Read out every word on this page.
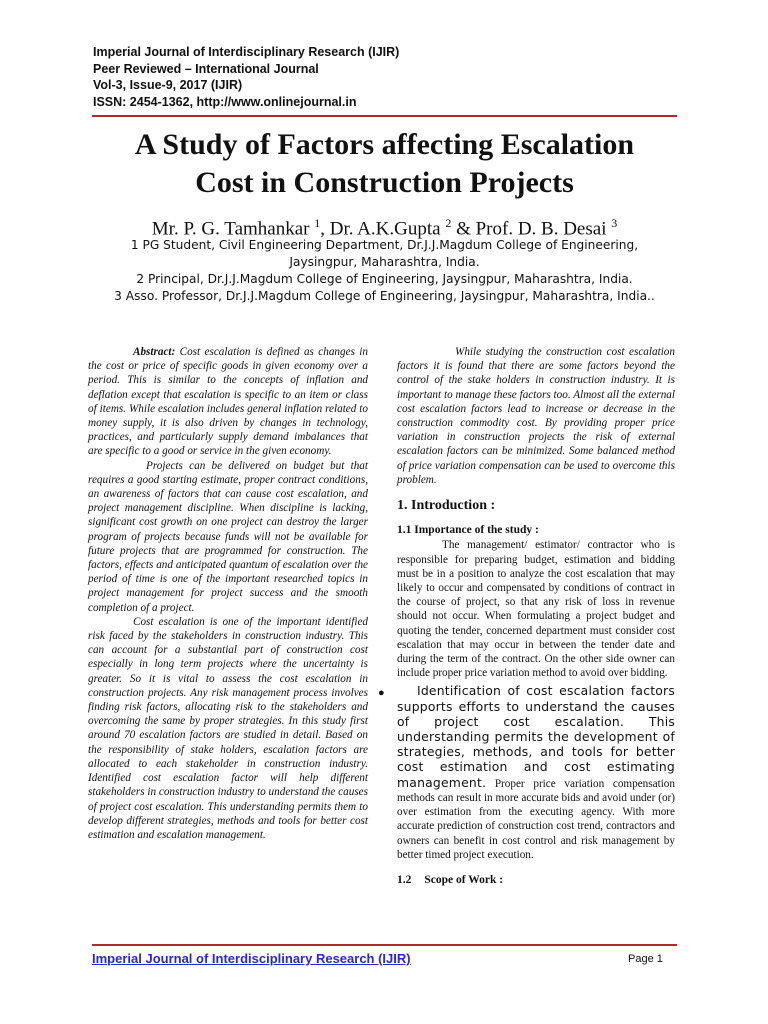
Imperial Journal of Interdisciplinary Research (IJIR)
Peer Reviewed – International Journal
Vol-3, Issue-9, 2017 (IJIR)
ISSN: 2454-1362, http://www.onlinejournal.in
A Study of Factors affecting Escalation
Cost in Construction Projects
Mr. P. G. Tamhankar $^1$, Dr. A.K.Gupta $^2$ & Prof. D. B. Desai $^3$
1 PG Student, Civil Engineering Department, Dr.J.J.Magdum College of Engineering,
Jaysingpur, Maharashtra, India.
2 Principal, Dr.J.J.Magdum College of Engineering, Jaysingpur, Maharashtra, India.
3 Asso. Professor, Dr.J.J.Magdum College of Engineering, Jaysingpur, Maharashtra, India..

Abstract: Cost escalation is defined as changes in the cost or price of specific goods in given economy over a period. This is similar to the concepts of inflation and deflation except that escalation is specific to an item or class of items. While escalation includes general inflation related to money supply, it is also driven by changes in technology, practices, and particularly supply demand imbalances that are specific to a good or service in the given economy.

Projects can be delivered on budget but that requires a good starting estimate, proper contract conditions, an awareness of factors that can cause cost escalation, and project management discipline. When discipline is lacking, significant cost growth on one project can destroy the larger program of projects because funds will not be available for future projects that are programmed for construction. The factors, effects and anticipated quantum of escalation over the period of time is one of the important researched topics in project management for project success and the smooth completion of a project.

Cost escalation is one of the important identified risk faced by the stakeholders in construction industry. This can account for a substantial part of construction cost especially in long term projects where the uncertainty is greater. So it is vital to assess the cost escalation in construction projects. Any risk management process involves finding risk factors, allocating risk to the stakeholders and overcoming the same by proper strategies. In this study first around 70 escalation factors are studied in detail. Based on the responsibility of stake holders, escalation factors are allocated to each stakeholder in construction industry. Identified cost escalation factor will help different stakeholders in construction industry to understand the causes of project cost escalation. This understanding permits them to develop different strategies, methods and tools for better cost estimation and escalation management.

While studying the construction cost escalation factors it is found that there are some factors beyond the control of the stake holders in construction industry. It is important to manage these factors too. Almost all the external cost escalation factors lead to increase or decrease in the construction commodity cost. By providing proper price variation in construction projects the risk of external escalation factors can be minimized. Some balanced method of price variation compensation can be used to overcome this problem.

1. Introduction :
1.1 Importance of the study :

The management/ estimator/ contractor who is responsible for preparing budget, estimation and bidding must be in a position to analyze the cost escalation that may likely to occur and compensated by conditions of contract in the course of project, so that any risk of loss in revenue should not occur. When formulating a project budget and quoting the tender, concerned department must consider cost escalation that may occur in between the tender date and during the term of the contract. On the other side owner can include proper price variation method to avoid over bidding.

●	Identification of cost escalation factors supports efforts to understand the causes of project cost escalation. This understanding permits the development of strategies, methods, and tools for better cost estimation and cost estimating management. Proper price variation compensation methods can result in more accurate bids and avoid under (or) over estimation from the executing agency. With more accurate prediction of construction cost trend, contractors and owners can benefit in cost control and risk management by better timed project execution.

1.2 Scope of Work :
Imperial Journal of Interdisciplinary Research (IJIR)	Page 1
